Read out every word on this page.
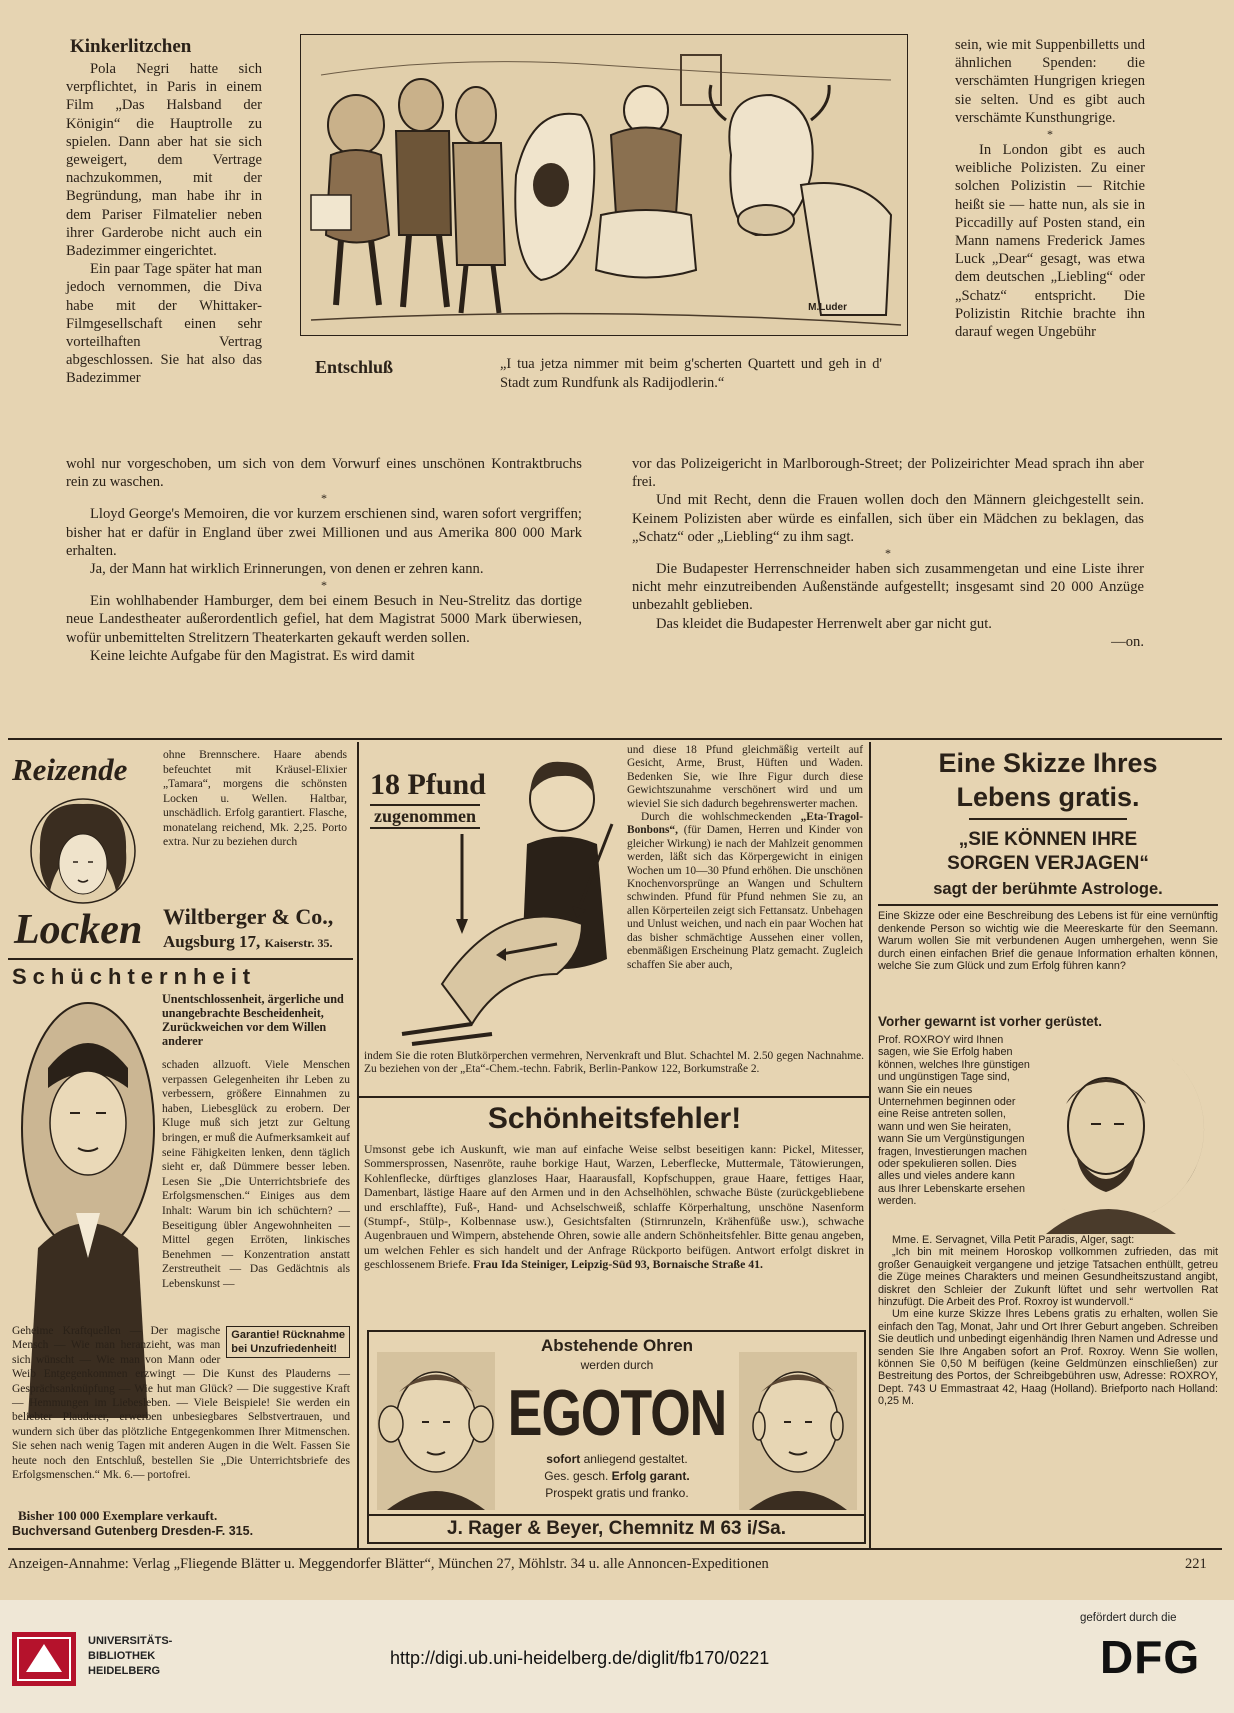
Kinkerlitzchen

Pola Negri hatte sich verpflichtet, in Paris in einem Film „Das Halsband der Königin“ die Hauptrolle zu spielen. Dann aber hat sie sich geweigert, dem Vertrage nachzukommen, mit der Begründung, man habe ihr in dem Pariser Filmatelier neben ihrer Garderobe nicht auch ein Badezimmer eingerichtet.

Ein paar Tage später hat man jedoch vernommen, die Diva habe mit der Whittaker-Filmgesellschaft einen sehr vorteilhaften Vertrag abgeschlossen. Sie hat also das Badezimmer

M.Luder
Entschluß	„I tua jetza nimmer mit beim g'scherten Quartett und geh in d' Stadt zum Rundfunk als Radijodlerin.“

wohl nur vorgeschoben, um sich von dem Vorwurf eines unschönen Kontraktbruchs rein zu waschen.

*

Lloyd George's Memoiren, die vor kurzem erschienen sind, waren sofort vergriffen; bisher hat er dafür in England über zwei Millionen und aus Amerika 800 000 Mark erhalten.

Ja, der Mann hat wirklich Erinnerungen, von denen er zehren kann.

*

Ein wohlhabender Hamburger, dem bei einem Besuch in Neu-Strelitz das dortige neue Landestheater außerordentlich gefiel, hat dem Magistrat 5000 Mark überwiesen, wofür unbemittelten Strelitzern Theaterkarten gekauft werden sollen.

Keine leichte Aufgabe für den Magistrat. Es wird damit

sein, wie mit Suppenbilletts und ähnlichen Spenden: die verschämten Hungrigen kriegen sie selten. Und es gibt auch verschämte Kunsthungrige.

*

In London gibt es auch weibliche Polizisten. Zu einer solchen Polizistin — Ritchie heißt sie — hatte nun, als sie in Piccadilly auf Posten stand, ein Mann namens Frederick James Luck „Dear“ gesagt, was etwa dem deutschen „Liebling“ oder „Schatz“ entspricht. Die Polizistin Ritchie brachte ihn darauf wegen Ungebühr

vor das Polizeigericht in Marlborough-Street; der Polizeirichter Mead sprach ihn aber frei.

Und mit Recht, denn die Frauen wollen doch den Männern gleichgestellt sein. Keinem Polizisten aber würde es einfallen, sich über ein Mädchen zu beklagen, das „Schatz“ oder „Liebling“ zu ihm sagt.

*

Die Budapester Herrenschneider haben sich zusammengetan und eine Liste ihrer nicht mehr einzutreibenden Außenstände aufgestellt; insgesamt sind 20 000 Anzüge unbezahlt geblieben.

Das kleidet die Budapester Herrenwelt aber gar nicht gut.

—on.
Reizende
Locken
ohne Brennschere. Haare abends befeuchtet mit Kräusel-Elixier „Tamara“, morgens die schönsten Locken u. Wellen. Haltbar, unschädlich. Erfolg garantiert. Flasche, monatelang reichend, Mk. 2,25. Porto extra. Nur zu beziehen durch
Wiltberger & Co.,
Augsburg 17, Kaiserstr. 35.
Schüchternheit
Unentschlossenheit, ärgerliche und unangebrachte Bescheidenheit, Zurückweichen vor dem Willen anderer
schaden allzuoft. Viele Menschen verpassen Gelegenheiten ihr Leben zu verbessern, größere Einnahmen zu haben, Liebesglück zu erobern. Der Kluge muß sich jetzt zur Geltung bringen, er muß die Aufmerksamkeit auf seine Fähigkeiten lenken, denn täglich sieht er, daß Dümmere besser leben. Lesen Sie „Die Unterrichtsbriefe des Erfolgsmenschen.“ Einiges aus dem Inhalt: Warum bin ich schüchtern? — Beseitigung übler Angewohnheiten — Mittel gegen Erröten, linkisches Benehmen — Konzentration anstatt Zerstreutheit — Das Gedächtnis als Lebenskunst —
Garantie! Rücknahme
bei Unzufriedenheit!
Geheime Kraftquellen — Der magische Mensch — Wie man heranzieht, was man sich wünscht — Wie man von Mann oder Weib Entgegenkommen erzwingt — Die Kunst des Plauderns — Gesprächsanknüpfung — Wie hut man Glück? — Die suggestive Kraft — Hemmungen im Liebesleben. — Viele Beispiele! Sie werden ein beliebter Plauderer, erwerben unbesiegbares Selbstvertrauen, und wundern sich über das plötzliche Entgegenkommen Ihrer Mitmenschen. Sie sehen nach wenig Tagen mit anderen Augen in die Welt. Fassen Sie heute noch den Entschluß, bestellen Sie „Die Unterrichtsbriefe des Erfolgsmenschen.“ Mk. 6.— portofrei.
Bisher 100 000 Exemplare verkauft.
Buchversand Gutenberg Dresden-F. 315.
18 Pfund
zugenommen

und diese 18 Pfund gleichmäßig verteilt auf Gesicht, Arme, Brust, Hüften und Waden. Bedenken Sie, wie Ihre Figur durch diese Gewichtszunahme verschönert wird und um wieviel Sie sich dadurch begehrenswerter machen.

Durch die wohlschmeckenden „Eta-Tragol-Bonbons“, (für Damen, Herren und Kinder von gleicher Wirkung) ie nach der Mahlzeit genommen werden, läßt sich das Körpergewicht in einigen Wochen um 10—30 Pfund erhöhen. Die unschönen Knochenvorsprünge an Wangen und Schultern schwinden. Pfund für Pfund nehmen Sie zu, an allen Körperteilen zeigt sich Fettansatz. Unbehagen und Unlust weichen, und nach ein paar Wochen hat das bisher schmächtige Aussehen einer vollen, ebenmäßigen Erscheinung Platz gemacht. Zugleich schaffen Sie aber auch,

indem Sie die roten Blutkörperchen vermehren, Nervenkraft und Blut. Schachtel M. 2.50 gegen Nachnahme. Zu beziehen von der „Eta“-Chem.-techn. Fabrik, Berlin-Pankow 122, Borkumstraße 2.
Schönheitsfehler!
Umsonst gebe ich Auskunft, wie man auf einfache Weise selbst beseitigen kann: Pickel, Mitesser, Sommersprossen, Nasenröte, rauhe borkige Haut, Warzen, Leberflecke, Muttermale, Tätowierungen, Kohlenflecke, dürftiges glanzloses Haar, Haarausfall, Kopfschuppen, graue Haare, fettiges Haar, Damenbart, lästige Haare auf den Armen und in den Achselhöhlen, schwache Büste (zurückgebliebene und erschlaffte), Fuß-, Hand- und Achselschweiß, schlaffe Körperhaltung, unschöne Nasenform (Stumpf-, Stülp-, Kolbennase usw.), Gesichtsfalten (Stirnrunzeln, Krähenfüße usw.), schwache Augenbrauen und Wimpern, abstehende Ohren, sowie alle andern Schönheitsfehler. Bitte genau angeben, um welchen Fehler es sich handelt und der Anfrage Rückporto beifügen. Antwort erfolgt diskret in geschlossenem Briefe. Frau Ida Steiniger, Leipzig-Süd 93, Bornaische Straße 41.
Abstehende Ohren
werden durch
EGOTON
sofort anliegend gestaltet.
Ges. gesch. Erfolg garant.
Prospekt gratis und franko.
J. Rager & Beyer, Chemnitz M 63 i/Sa.
Eine Skizze Ihres
Lebens gratis.
„SIE KÖNNEN IHRE
SORGEN VERJAGEN“
sagt der berühmte Astrologe.
Eine Skizze oder eine Beschreibung des Lebens ist für eine vernünftig denkende Person so wichtig wie die Meereskarte für den Seemann. Warum wollen Sie mit verbundenen Augen umhergehen, wenn Sie durch einen einfachen Brief die genaue Information erhalten können, welche Sie zum Glück und zum Erfolg führen kann?
Vorher gewarnt ist vorher gerüstet.
Prof. ROXROY wird Ihnen sagen, wie Sie Erfolg haben können, welches Ihre günstigen und ungünstigen Tage sind, wann Sie ein neues Unternehmen beginnen oder eine Reise antreten sollen, wann und wen Sie heiraten, wann Sie um Vergünstigungen fragen, Investierungen machen oder spekulieren sollen. Dies alles und vieles andere kann aus Ihrer Lebenskarte ersehen werden.

Mme. E. Servagnet, Villa Petit Paradis, Alger, sagt:

„Ich bin mit meinem Horoskop vollkommen zufrieden, das mit großer Genauigkeit vergangene und jetzige Tatsachen enthüllt, getreu die Züge meines Charakters und meinen Gesundheitszustand angibt, diskret den Schleier der Zukunft lüftet und sehr wertvollen Rat hinzufügt. Die Arbeit des Prof. Roxroy ist wundervoll.“

Um eine kurze Skizze Ihres Lebens gratis zu erhalten, wollen Sie einfach den Tag, Monat, Jahr und Ort Ihrer Geburt angeben. Schreiben Sie deutlich und unbedingt eigenhändig Ihren Namen und Adresse und senden Sie Ihre Angaben sofort an Prof. Roxroy. Wenn Sie wollen, können Sie 0,50 M beifügen (keine Geldmünzen einschließen) zur Bestreitung des Portos, der Schreibgebühren usw, Adresse: ROXROY, Dept. 743 U Emmastraat 42, Haag (Holland). Briefporto nach Holland: 0,25 M.

Anzeigen-Annahme: Verlag „Fliegende Blätter u. Meggendorfer Blätter“, München 27, Möhlstr. 34 u. alle Annoncen-Expeditionen	221
UNIVERSITÄTS-
BIBLIOTHEK
HEIDELBERG
http://digi.ub.uni-heidelberg.de/diglit/fb170/0221
gefördert durch die
DFG
